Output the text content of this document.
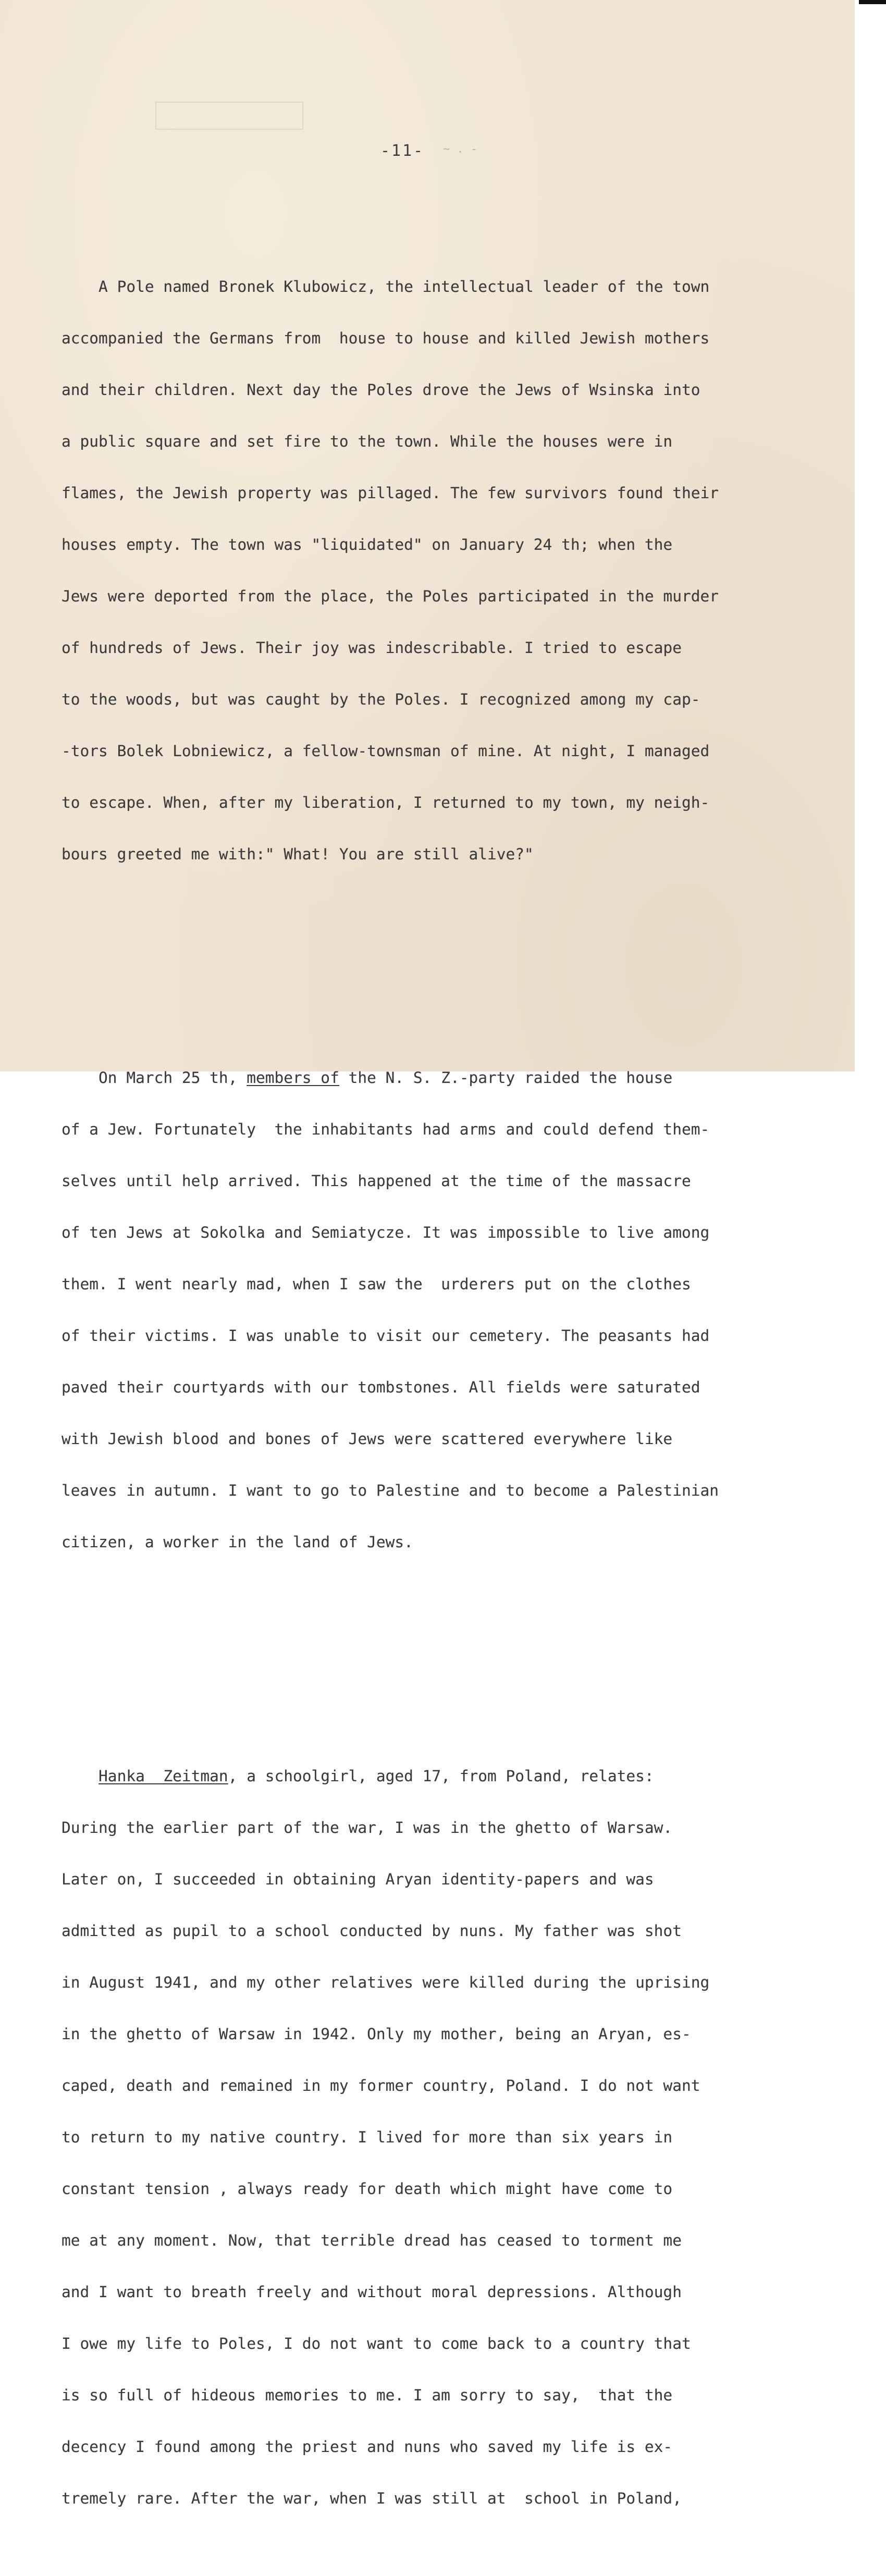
-11- ~ . -

A Pole named Bronek Klubowicz, the intellectual leader of the town

accompanied the Germans from  house to house and killed Jewish mothers

and their children. Next day the Poles drove the Jews of Wsinska into

a public square and set fire to the town. While the houses were in

flames, the Jewish property was pillaged. The few survivors found their

houses empty. The town was "liquidated" on January 24 th; when the

Jews were deported from the place, the Poles participated in the murder

of hundreds of Jews. Their joy was indescribable. I tried to escape

to the woods, but was caught by the Poles. I recognized among my cap-

-tors Bolek Lobniewicz, a fellow-townsman of mine. At night, I managed

to escape. When, after my liberation, I returned to my town, my neigh-

bours greeted me with:" What! You are still alive?"

On March 25 th, members of the N. S. Z.-party raided the house

of a Jew. Fortunately  the inhabitants had arms and could defend them-

selves until help arrived. This happened at the time of the massacre

of ten Jews at Sokolka and Semiatycze. It was impossible to live among

them. I went nearly mad, when I saw the  urderers put on the clothes

of their victims. I was unable to visit our cemetery. The peasants had

paved their courtyards with our tombstones. All fields were saturated

with Jewish blood and bones of Jews were scattered everywhere like

leaves in autumn. I want to go to Palestine and to become a Palestinian

citizen, a worker in the land of Jews.

Hanka  Zeitman, a schoolgirl, aged 17, from Poland, relates:

During the earlier part of the war, I was in the ghetto of Warsaw.

Later on, I succeeded in obtaining Aryan identity-papers and was

admitted as pupil to a school conducted by nuns. My father was shot

in August 1941, and my other relatives were killed during the uprising

in the ghetto of Warsaw in 1942. Only my mother, being an Aryan, es-

caped, death and remained in my former country, Poland. I do not want

to return to my native country. I lived for more than six years in

constant tension , always ready for death which might have come to

me at any moment. Now, that terrible dread has ceased to torment me

and I want to breath freely and without moral depressions. Although

I owe my life to Poles, I do not want to come back to a country that

is so full of hideous memories to me. I am sorry to say,  that the

decency I found among the priest and nuns who saved my life is ex-

tremely rare. After the war, when I was still at  school in Poland,
